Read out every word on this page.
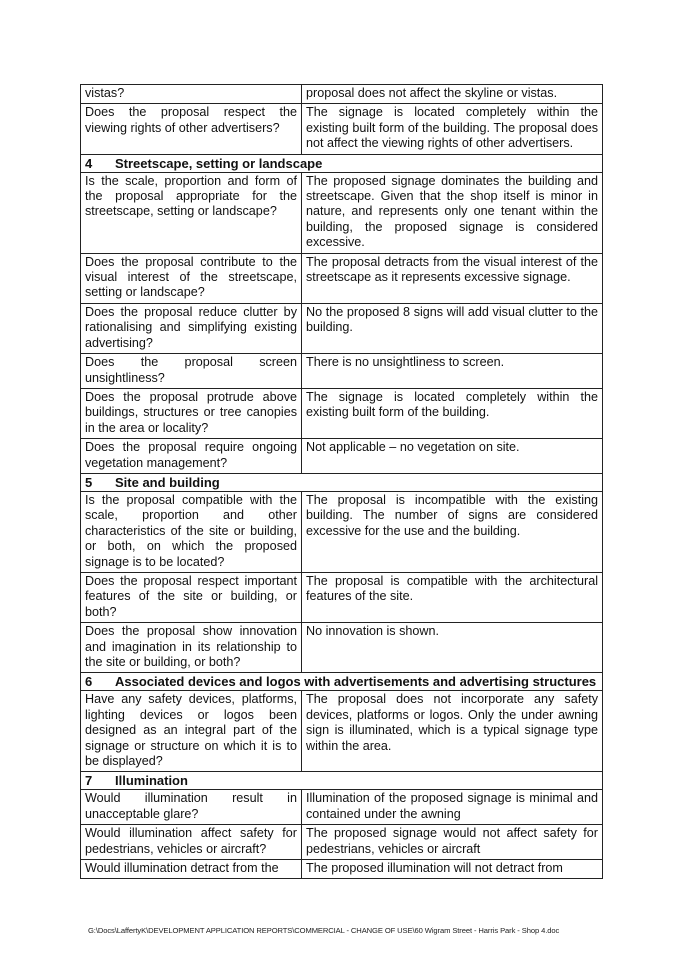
vistas?	proposal does not affect the skyline or vistas.
Does the proposal respect the viewing rights of other advertisers?	The signage is located completely within the existing built form of the building. The proposal does not affect the viewing rights of other advertisers.
4 Streetscape, setting or landscape	
Is the scale, proportion and form of the proposal appropriate for the streetscape, setting or landscape?	The proposed signage dominates the building and streetscape. Given that the shop itself is minor in nature, and represents only one tenant within the building, the proposed signage is considered excessive.
Does the proposal contribute to the visual interest of the streetscape, setting or landscape?	The proposal detracts from the visual interest of the streetscape as it represents excessive signage.
Does the proposal reduce clutter by rationalising and simplifying existing advertising?	No the proposed 8 signs will add visual clutter to the building.
Does the proposal screen unsightliness?	There is no unsightliness to screen.
Does the proposal protrude above buildings, structures or tree canopies in the area or locality?	The signage is located completely within the existing built form of the building.
Does the proposal require ongoing vegetation management?	Not applicable – no vegetation on site.
5 Site and building	
Is the proposal compatible with the scale, proportion and other characteristics of the site or building, or both, on which the proposed signage is to be located?	The proposal is incompatible with the existing building. The number of signs are considered excessive for the use and the building.
Does the proposal respect important features of the site or building, or both?	The proposal is compatible with the architectural features of the site.
Does the proposal show innovation and imagination in its relationship to the site or building, or both?	No innovation is shown.
6 Associated devices and logos with advertisements and advertising structures	
Have any safety devices, platforms, lighting devices or logos been designed as an integral part of the signage or structure on which it is to be displayed?	The proposal does not incorporate any safety devices, platforms or logos. Only the under awning sign is illuminated, which is a typical signage type within the area.
7 Illumination	
Would illumination result in unacceptable glare?	Illumination of the proposed signage is minimal and contained under the awning
Would illumination affect safety for pedestrians, vehicles or aircraft?	The proposed signage would not affect safety for pedestrians, vehicles or aircraft
Would illumination detract from the	The proposed illumination will not detract from
G:\Docs\LaffertyK\DEVELOPMENT APPLICATION REPORTS\COMMERCIAL - CHANGE OF USE\60 Wigram Street - Harris Park - Shop 4.doc
